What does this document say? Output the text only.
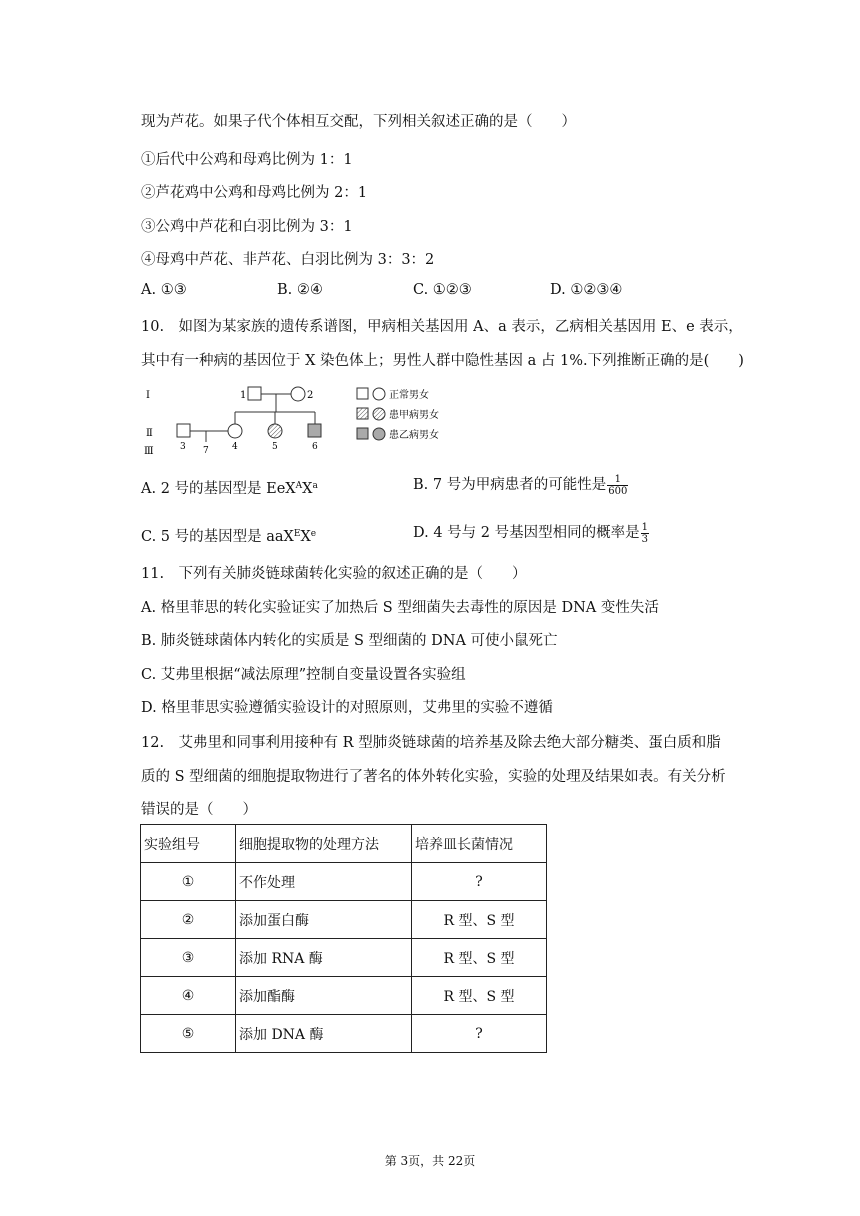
现为芦花。如果子代个体相互交配，下列相关叙述正确的是（　　）
①后代中公鸡和母鸡比例为 1：1
②芦花鸡中公鸡和母鸡比例为 2：1
③公鸡中芦花和白羽比例为 3：1
④母鸡中芦花、非芦花、白羽比例为 3：3：2
A. ①③	B. ②④	C. ①②③	D. ①②③④
10.　如图为某家族的遗传系谱图，甲病相关基因用 A、a 表示，乙病相关基因用 E、e 表示，
其中有一种病的基因位于 X 染色体上；男性人群中隐性基因 a 占 1%.下列推断正确的是(　　)
Ⅰ
Ⅱ
Ⅲ
1	2
3	4	5	6
7
正常男女
患甲病男女
患乙病男女
A. 2 号的基因型是 $EeX^AX^a$	B. 7 号为甲病患者的可能性是 $\frac{1}{600}$
C. 5 号的基因型是 aaX$^E$Xe	D. 4 号与 2 号基因型相同的概率是 $\frac{1}{3}$
11.　下列有关肺炎链球菌转化实验的叙述正确的是（　　）
A. 格里菲思的转化实验证实了加热后 S 型细菌失去毒性的原因是 DNA 变性失活
B. 肺炎链球菌体内转化的实质是 S 型细菌的 DNA 可使小鼠死亡
C. 艾弗里根据“减法原理”控制自变量设置各实验组
D. 格里菲思实验遵循实验设计的对照原则，艾弗里的实验不遵循
12.　艾弗里和同事利用接种有 R 型肺炎链球菌的培养基及除去绝大部分糖类、蛋白质和脂
质的 S 型细菌的细胞提取物进行了著名的体外转化实验，实验的处理及结果如表。有关分析
错误的是（　　）
实验组号	细胞提取物的处理方法	培养皿长菌情况
①	不作处理	?
②	添加蛋白酶	R 型、S 型
③	添加 RNA 酶	R 型、S 型
④	添加酯酶	R 型、S 型
⑤	添加 DNA 酶	?
第 3页，共 22页
